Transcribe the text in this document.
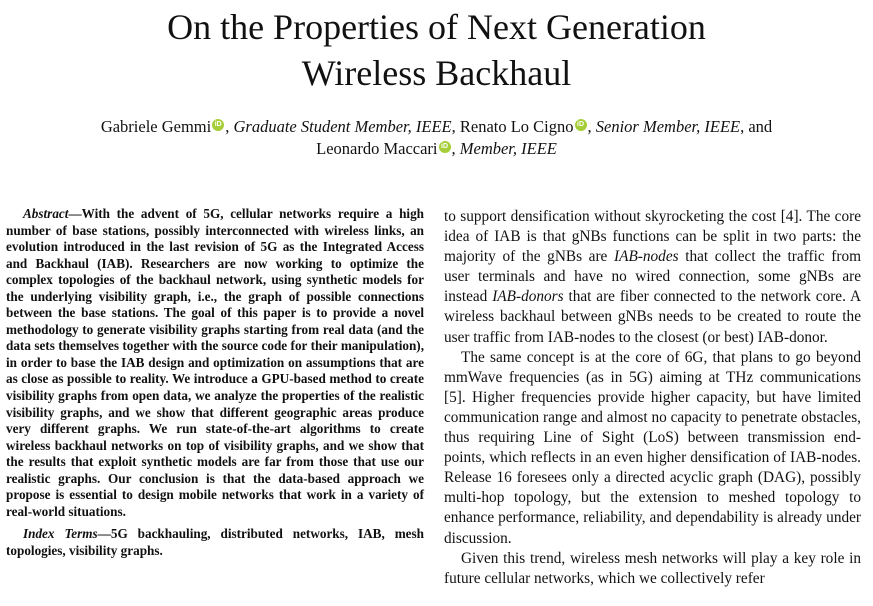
On the Properties of Next Generation
Wireless Backhaul
Gabriele Gemmi iD , Graduate Student Member, IEEE, Renato Lo Cigno iD , Senior Member, IEEE, and
Leonardo Maccari iD , Member, IEEE

Abstract—With the advent of 5G, cellular networks require a high number of base stations, possibly interconnected with wireless links, an evolution introduced in the last revision of 5G as the Integrated Access and Backhaul (IAB). Researchers are now working to optimize the complex topologies of the backhaul network, using synthetic models for the underlying visibility graph, i.e., the graph of possible connections between the base stations. The goal of this paper is to provide a novel methodology to generate visibility graphs starting from real data (and the data sets themselves together with the source code for their manipulation), in order to base the IAB design and optimization on assumptions that are as close as possible to reality. We introduce a GPU-based method to create visibility graphs from open data, we analyze the properties of the realistic visibility graphs, and we show that different geographic areas produce very different graphs. We run state-of-the-art algorithms to create wireless backhaul networks on top of visibility graphs, and we show that the results that exploit synthetic models are far from those that use our realistic graphs. Our conclusion is that the data-based approach we propose is essential to design mobile networks that work in a variety of real-world situations.

Index Terms—5G backhauling, distributed networks, IAB, mesh topologies, visibility graphs.

to support densification without skyrocketing the cost [4]. The core idea of IAB is that gNBs functions can be split in two parts: the majority of the gNBs are IAB-nodes that collect the traffic from user terminals and have no wired connection, some gNBs are instead IAB-donors that are fiber connected to the network core. A wireless backhaul between gNBs needs to be created to route the user traffic from IAB-nodes to the closest (or best) IAB-donor.

The same concept is at the core of 6G, that plans to go beyond mmWave frequencies (as in 5G) aiming at THz communications [5]. Higher frequencies provide higher capacity, but have limited communication range and almost no capacity to penetrate obstacles, thus requiring Line of Sight (LoS) between transmission end-points, which reflects in an even higher densification of IAB-nodes. Release 16 foresees only a directed acyclic graph (DAG), possibly multi-hop topology, but the extension to meshed topology to enhance performance, reliability, and dependability is already under discussion.

Given this trend, wireless mesh networks will play a key role in future cellular networks, which we collectively refer
